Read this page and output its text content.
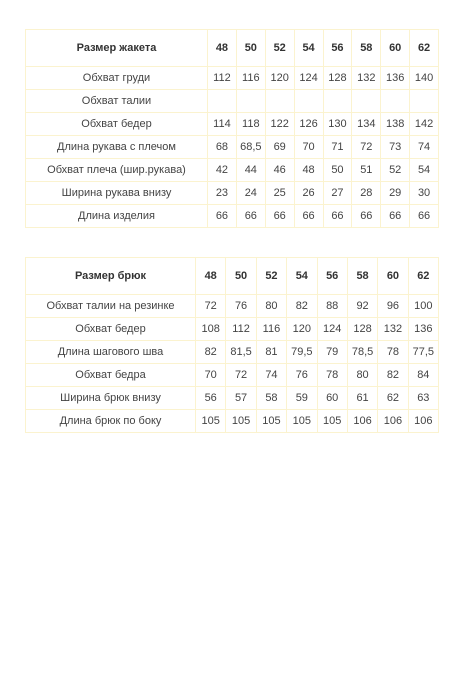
Размер жакета	48	50	52	54	56	58	60	62
Обхват груди	112	116	120	124	128	132	136	140
Обхват талии								
Обхват бедер	114	118	122	126	130	134	138	142
Длина рукава с плечом	68	68,5	69	70	71	72	73	74
Обхват плеча (шир.рукава)	42	44	46	48	50	51	52	54
Ширина рукава внизу	23	24	25	26	27	28	29	30
Длина изделия	66	66	66	66	66	66	66	66
Размер брюк	48	50	52	54	56	58	60	62
Обхват талии на резинке	72	76	80	82	88	92	96	100
Обхват бедер	108	112	116	120	124	128	132	136
Длина шагового шва	82	81,5	81	79,5	79	78,5	78	77,5
Обхват бедра	70	72	74	76	78	80	82	84
Ширина брюк внизу	56	57	58	59	60	61	62	63
Длина брюк по боку	105	105	105	105	105	106	106	106
